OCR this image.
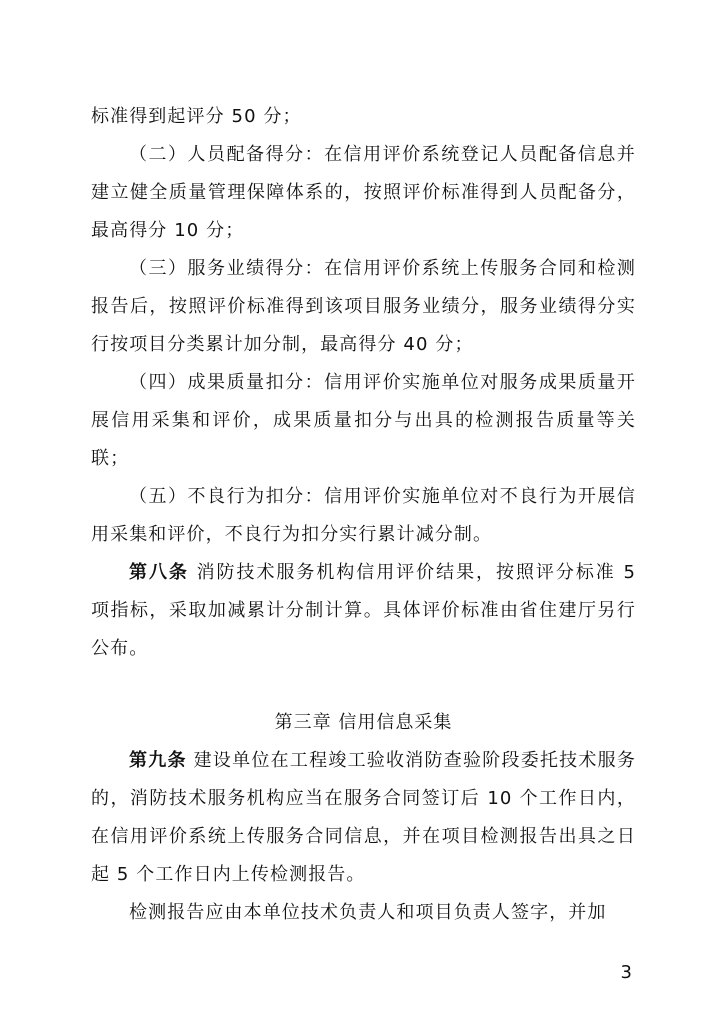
标准得到起评分 50 分；

（二）人员配备得分：在信用评价系统登记人员配备信息并建立健全质量管理保障体系的，按照评价标准得到人员配备分，最高得分 10 分；

（三）服务业绩得分：在信用评价系统上传服务合同和检测报告后，按照评价标准得到该项目服务业绩分，服务业绩得分实行按项目分类累计加分制，最高得分 40 分；

（四）成果质量扣分：信用评价实施单位对服务成果质量开展信用采集和评价，成果质量扣分与出具的检测报告质量等关联；

（五）不良行为扣分：信用评价实施单位对不良行为开展信用采集和评价，不良行为扣分实行累计减分制。

第八条 消防技术服务机构信用评价结果，按照评分标准 5 项指标，采取加减累计分制计算。具体评价标准由省住建厅另行公布。

第三章 信用信息采集

第九条 建设单位在工程竣工验收消防查验阶段委托技术服务的，消防技术服务机构应当在服务合同签订后 10 个工作日内，在信用评价系统上传服务合同信息，并在项目检测报告出具之日起 5 个工作日内上传检测报告。

检测报告应由本单位技术负责人和项目负责人签字，并加

3
